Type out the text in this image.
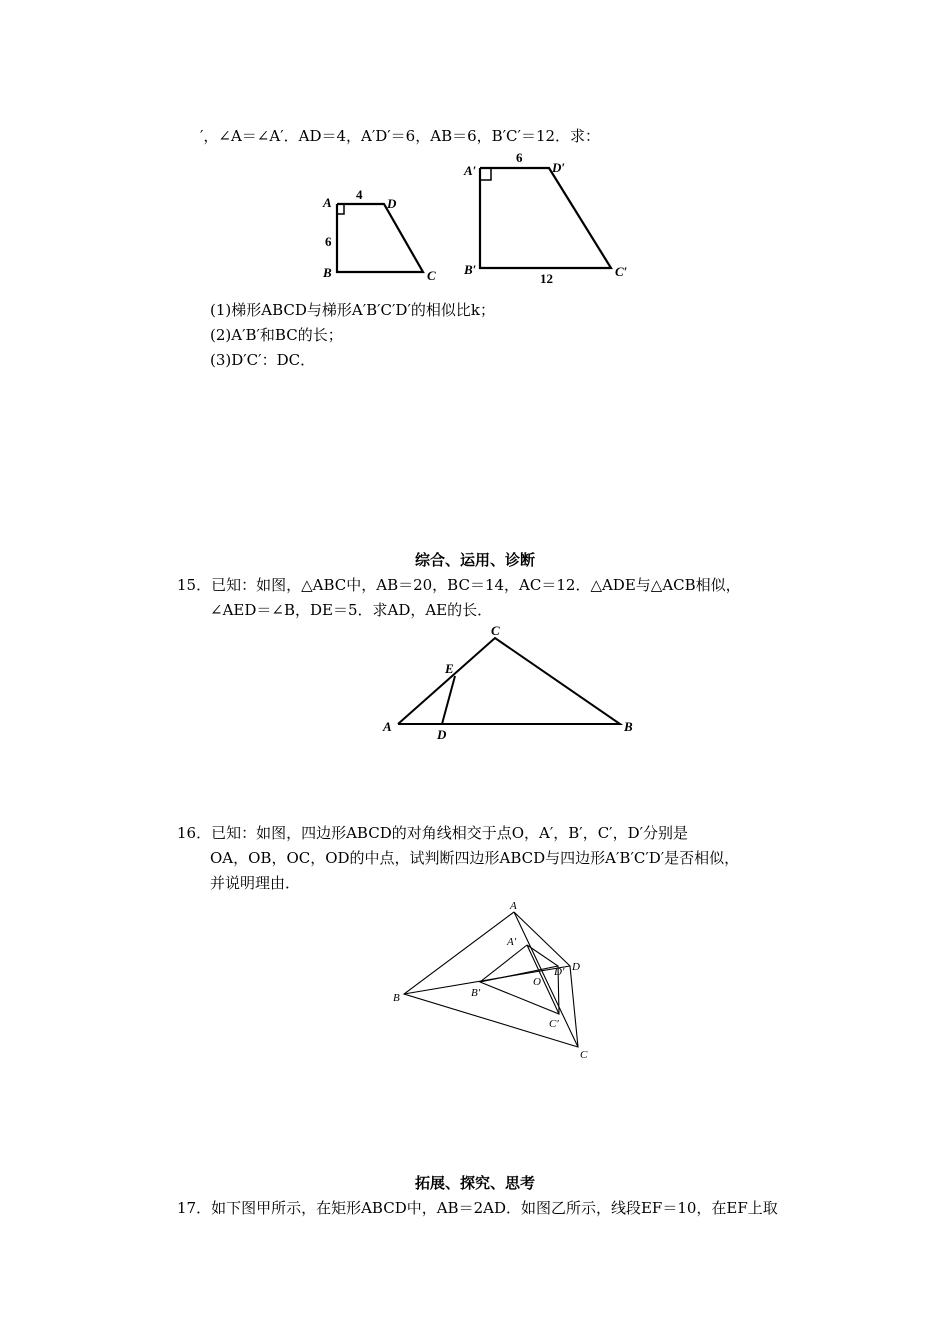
′，∠A＝∠A′．AD＝4，A′D′＝6，AB＝6，B′C′＝12．求：
A	D
B	C
4
6
A′	D′
B′	C′
6
12
A	B
C
D
E
A
B
C
D
O
A′
B′
C′
D′
(1)梯形ABCD与梯形A′B′C′D′的相似比k；
(2)A′B′和BC的长；
(3)D′C′：DC．
综合、运用、诊断
15．已知：如图，△ABC中，AB＝20，BC＝14，AC＝12．△ADE与△ACB相似，
∠AED＝∠B，DE＝5．求AD，AE的长．
16．已知：如图，四边形ABCD的对角线相交于点O，A′，B′，C′，D′分别是
OA，OB，OC，OD的中点，试判断四边形ABCD与四边形A′B′C′D′是否相似，
并说明理由．
拓展、探究、思考
17．如下图甲所示，在矩形ABCD中，AB＝2AD．如图乙所示，线段EF＝10，在EF上取
